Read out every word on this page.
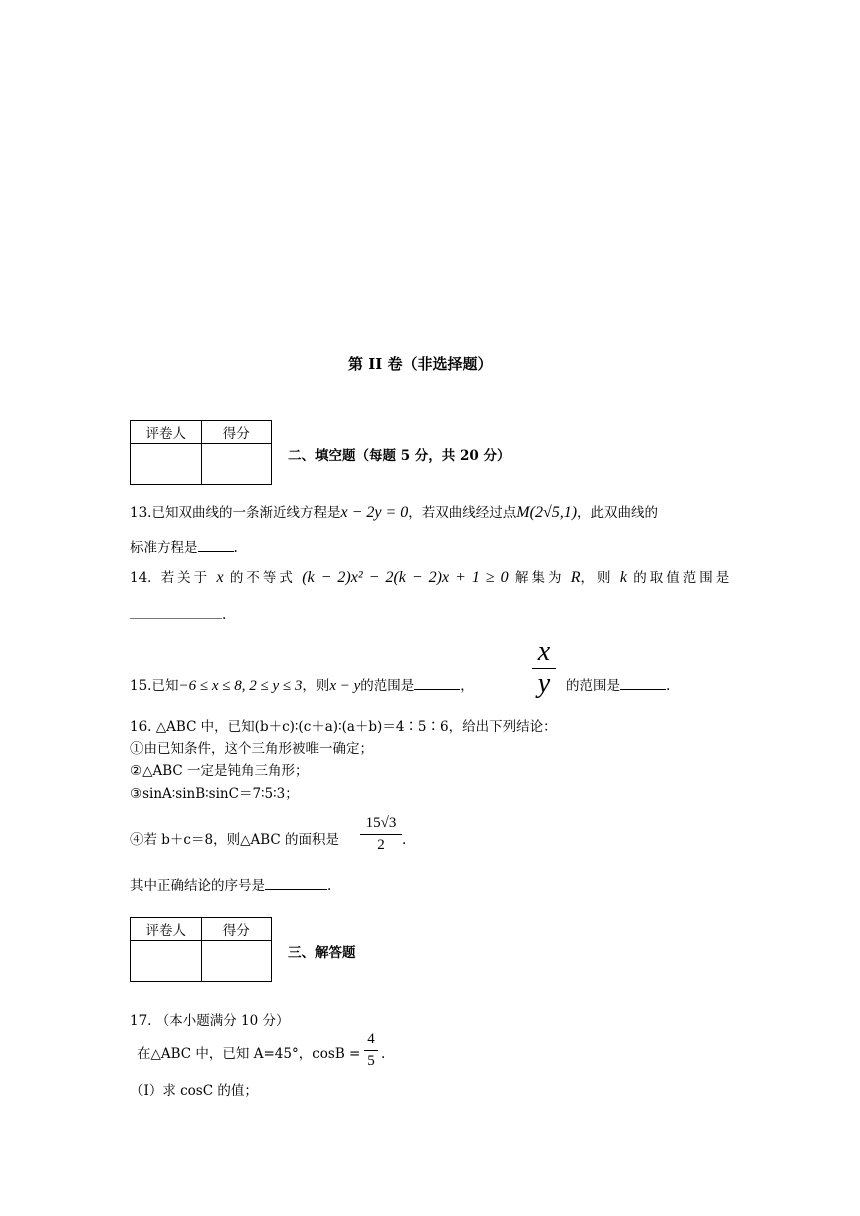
第 II 卷（非选择题）
评卷人	得分

二、填空题（每题 5 分，共 20 分）
13.已知双曲线的一条渐近线方程是x − 2y = 0，若双曲线经过点M(2√5,1)，此双曲线的
标准方程是	.
14．若关于 x 的不等式 (k − 2)x² − 2(k − 2)x + 1 ≥ 0 解集为 R，则 k 的取值范围是
.
15.已知−6 ≤ x ≤ 8, 2 ≤ y ≤ 3，则x − y的范围是	，
x
y	的范围是	.
16. △ABC 中，已知(b＋c)∶(c＋a)∶(a＋b)＝4∶5∶6，给出下列结论：
①由已知条件，这个三角形被唯一确定；
②△ABC 一定是钝角三角形；
③sinA∶sinB∶sinC＝7∶5∶3；
④若 b＋c＝8，则△ABC 的面积是
15√3
2	.
其中正确结论的序号是	.
评卷人	得分

三、解答题
17. （本小题满分 10 分）
在△ABC 中，已知 A=45°，cosB =
4
5 .
（I）求 cosC 的值；
